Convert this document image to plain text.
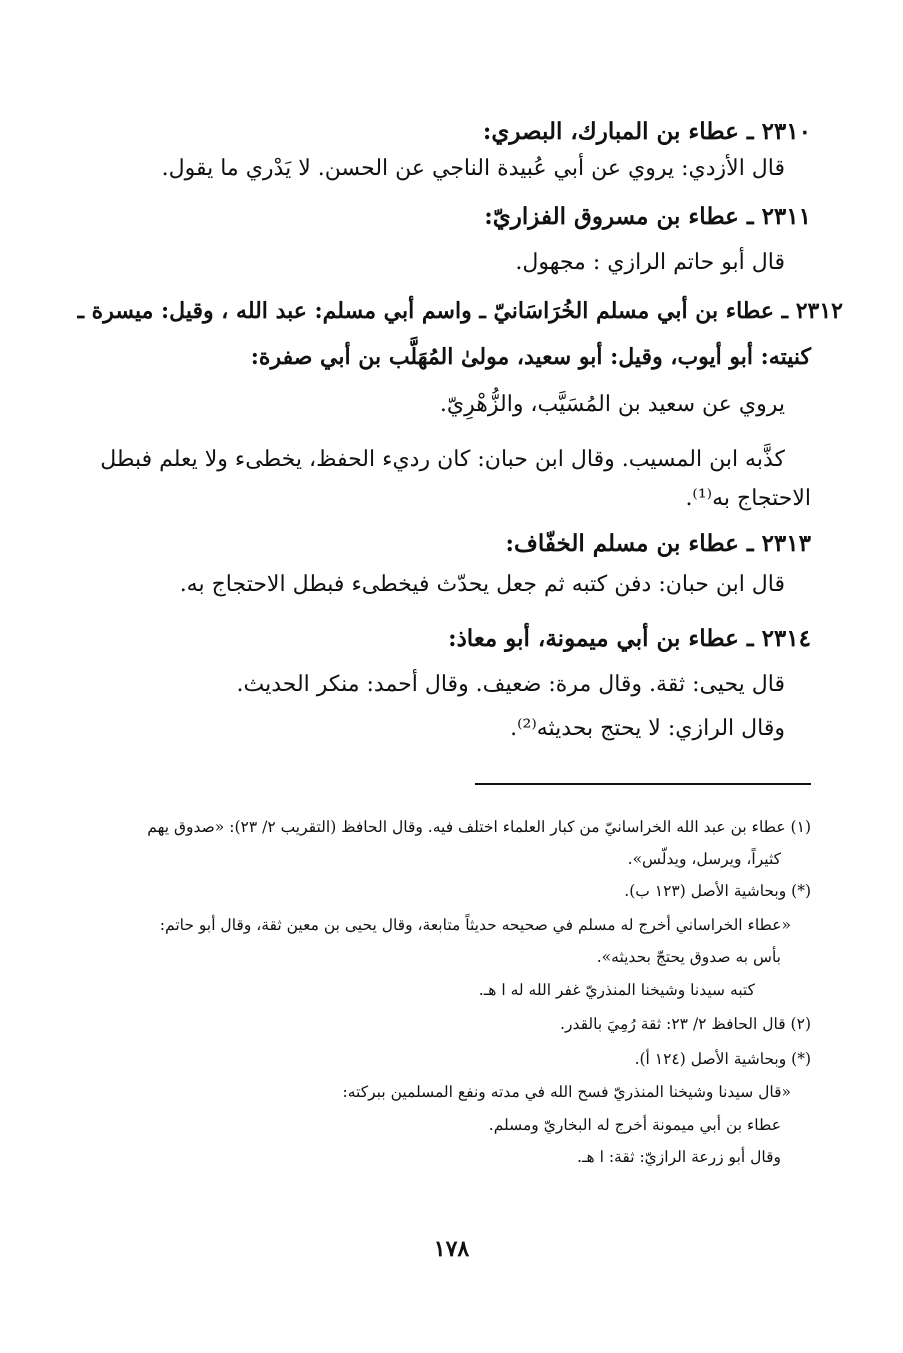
٢٣١٠ ـ عطاء بن المبارك، البصري:
قال الأزدي: يروي عن أبي عُبيدة الناجي عن الحسن. لا يَدْري ما يقول.
٢٣١١ ـ عطاء بن مسروق الفزاريّ:
قال أبو حاتم الرازي : مجهول.
٢٣١٢ ـ عطاء بن أبي مسلم الخُرَاسَانيّ ـ واسم أبي مسلم: عبد الله ، وقيل: ميسرة ـ
كنيته: أبو أيوب، وقيل: أبو سعيد، مولىٰ المُهَلَّب بن أبي صفرة:
يروي عن سعيد بن المُسَيَّب، والزُّهْرِيّ.
كذَّبه ابن المسيب. وقال ابن حبان: كان رديء الحفظ، يخطىء ولا يعلم فبطل
الاحتجاج به⁽¹⁾.
٢٣١٣ ـ عطاء بن مسلم الخفّاف:
قال ابن حبان: دفن كتبه ثم جعل يحدّث فيخطىء فبطل الاحتجاج به.
٢٣١٤ ـ عطاء بن أبي ميمونة، أبو معاذ:
قال يحيى: ثقة. وقال مرة: ضعيف. وقال أحمد: منكر الحديث.
وقال الرازي: لا يحتج بحديثه⁽²⁾.
(١) عطاء بن عبد الله الخراسانيّ من كبار العلماء اختلف فيه. وقال الحافظ (التقريب ٢/ ٢٣): «صدوق يهم
كثيراً، ويرسل، ويدلّس».
(*) وبحاشية الأصل (١٢٣ ب).
«عطاء الخراساني أخرج له مسلم في صحيحه حديثاً متابعة، وقال يحيى بن معين ثقة، وقال أبو حاتم:
بأس به صدوق يحتجّ بحديثه».
كتبه سيدنا وشيخنا المنذريّ غفر الله له ا هـ.
(٢) قال الحافظ ٢/ ٢٣: ثقة رُمِيَ بالقدر.
(*) وبحاشية الأصل (١٢٤ أ).
«قال سيدنا وشيخنا المنذريّ فسح الله في مدته ونفع المسلمين ببركته:
عطاء بن أبي ميمونة أخرج له البخاريّ ومسلم.
وقال أبو زرعة الرازيّ: ثقة: ا هـ.
١٧٨
